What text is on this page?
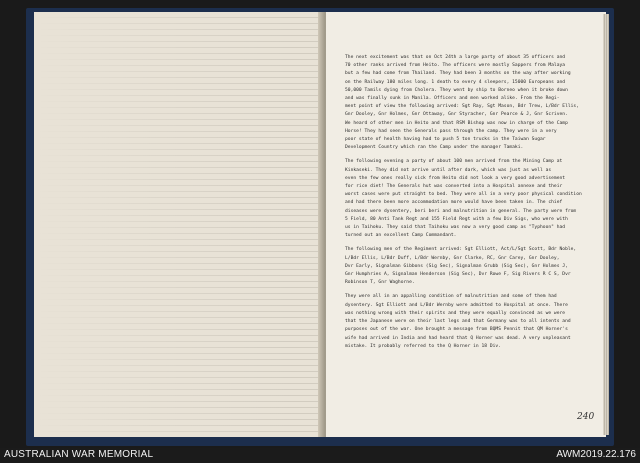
The next excitement was that on Oct 24th a large party of about 35 officers and
70 other ranks arrived from Heito. The officers were mostly Sappers from Malaya
but a few had come from Thailand. They had been 3 months on the way after working
on the Railway 180 miles long. 1 death to every 4 sleepers, 15000 Europeans and
50,000 Tamils dying from Cholera. They went by ship to Borneo when it broke down
and was finally sunk in Manila. Officers and men worked alike. From the Regi-
ment point of view the following arrived: Sgt Ray, Sgt Mason, Bdr Trew, L/Bdr Ellis,
Gnr Dooley, Gnr Holmes, Gnr Ottaway, Gnr Styracher, Gnr Pearce & J, Gnr Scriven.
We heard of other men in Heito and that RSM Bishop was now in charge of the Camp
Horse! They had seen the Generals pass through the camp. They were in a very
poor state of health having had to push 5 ton trucks in the Taiwan Sugar
Development Country which ran the Camp under the manager Tamaki.
The following evening a party of about 100 men arrived from the Mining Camp at
Kinkaseki. They did not arrive until after dark, which was just as well as
even the few ones really sick from Heito did not look a very good advertisement
for rice diet! The Generals hut was converted into a Hospital annexe and their
worst cases were put straight to bed. They were all in a very poor physical condition
and had there been more accommodation more would have been taken in. The chief
diseases were dysentery, beri beri and malnutrition in general. The party were from
5 Field, 80 Anti Tank Regt and 155 Field Regt with a few Div Sigs, who were with
us in Taihoku. They said that Taihoku was now a very good camp as "Typhoon" had
turned out an excellent Camp Commandant.
The following men of the Regiment arrived: Sgt Elliott, Act/L/Sgt Scott, Bdr Noble,
L/Bdr Ellis, L/Bdr Duff, L/Bdr Wernby, Gnr Clarke, RC, Gnr Carey, Gnr Dooley,
Dvr Early, Signalman Gibbons (Sig Sec), Signalman Grubb (Sig Sec), Gnr Holmes J,
Gnr Humphries A, Signalman Henderson (Sig Sec), Dvr Rowe F, Sig Rivers R C S, Dvr
Robinson T, Gnr Waghorne.
They were all in an appalling condition of malnutrition and some of them had
dysentery. Sgt Elliott and L/Bdr Wernby were admitted to Hospital at once. There
was nothing wrong with their spirits and they were equally convinced as we were
that the Japanese were on their last legs and that Germany was to all intents and
purposes out of the war. One brought a message from BQMS Pennit that QM Horner's
wife had arrived in India and had heard that Q Horner was dead. A very unpleasant
mistake. It probably referred to the Q Horner in 18 Div.
240
AUSTRALIAN WAR MEMORIAL	AWM2019.22.176
